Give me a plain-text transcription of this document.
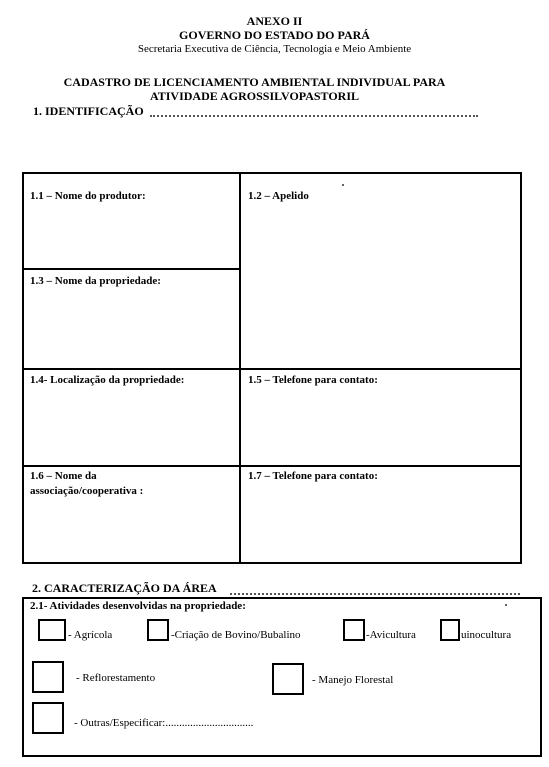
ANEXO II
GOVERNO DO ESTADO DO PARÁ
Secretaria Executiva de Ciência, Tecnologia e Meio Ambiente
CADASTRO DE LICENCIAMENTO AMBIENTAL INDIVIDUAL PARA
ATIVIDADE AGROSSILVOPASTORIL
1. IDENTIFICAÇÃO
1.1 – Nome do produtor:	1.2 – Apelido
1.3 – Nome da propriedade:
1.4- Localização da propriedade:	1.5 – Telefone para contato:
1.6 – Nome da
associação/cooperativa :
1.7 – Telefone para contato:
2. CARACTERIZAÇÃO DA ÁREA
2.1- Atividades desenvolvidas na propriedade:
- Agrícola	-Criação de Bovino/Bubalino	-Avicultura	uinocultura
- Reflorestamento	- Manejo Florestal
- Outras/Especificar:................................
